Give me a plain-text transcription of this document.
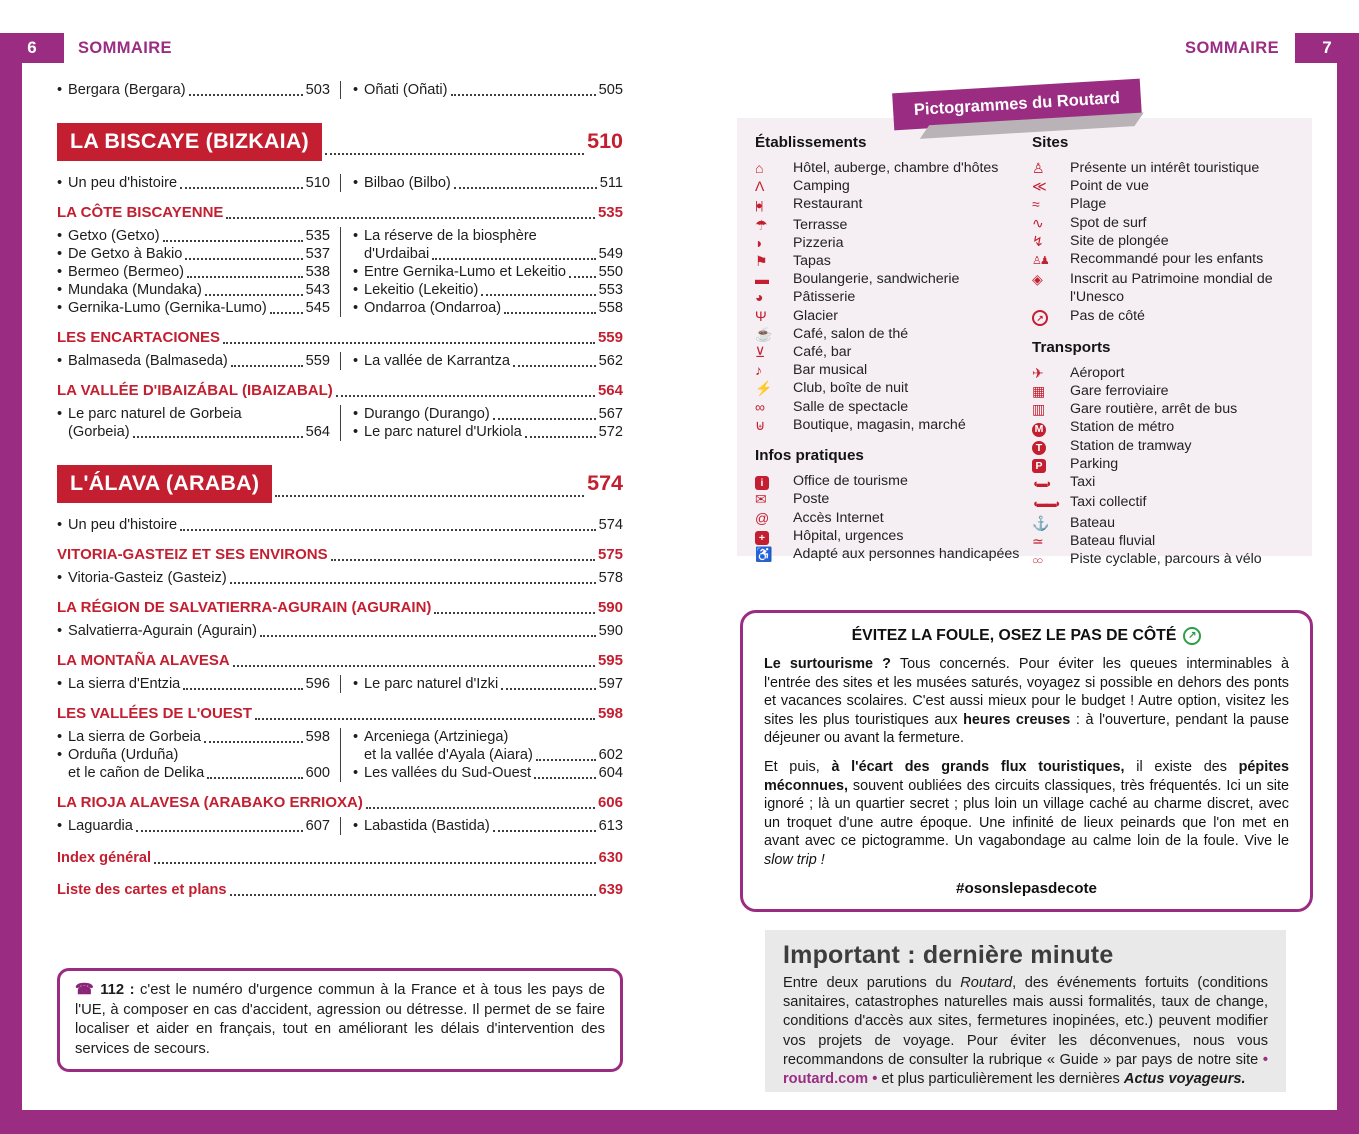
6	SOMMAIRE	SOMMAIRE	7
• Bergara (Bergara)	503 • Oñati (Oñati)	505
LA BISCAYE (BIZKAIA)	510
• Un peu d'histoire	510 • Bilbao (Bilbo)	511
LA CÔTE BISCAYENNE	535
• Getxo (Getxo)	535
• De Getxo à Bakio	537
• Bermeo (Bermeo)	538
• Mundaka (Mundaka)	543
• Gernika-Lumo (Gernika-Lumo)	545
• La réserve de la biosphère
d'Urdaibai	549
• Entre Gernika-Lumo et Lekeitio 550
• Lekeitio (Lekeitio)	553
• Ondarroa (Ondarroa)	558
LES ENCARTACIONES	559
• Balmaseda (Balmaseda)	559 • La vallée de Karrantza	562
LA VALLÉE D'IBAIZÁBAL (IBAIZABAL)	564
• Le parc naturel de Gorbeia
(Gorbeia)	564
• Durango (Durango)	567
• Le parc naturel d'Urkiola	572
L'ÁLAVA (ARABA)	574
• Un peu d'histoire	574
VITORIA-GASTEIZ ET SES ENVIRONS	575
• Vitoria-Gasteiz (Gasteiz)	578
LA RÉGION DE SALVATIERRA-AGURAIN (AGURAIN)	590
• Salvatierra-Agurain (Agurain)	590
LA MONTAÑA ALAVESA	595
• La sierra d'Entzia	596 • Le parc naturel d'Izki	597
LES VALLÉES DE L'OUEST	598
• La sierra de Gorbeia	598
• Orduña (Urduña)
et le cañon de Delika	600
• Arceniega (Artziniega)
et la vallée d'Ayala (Aiara)	602
• Les vallées du Sud-Ouest	604
LA RIOJA ALAVESA (ARABAKO ERRIOXA)	606
• Laguardia	607 • Labastida (Bastida)	613
Index général	630
Liste des cartes et plans	639
☎ 112 : c'est le numéro d'urgence commun à la France et à tous les pays de l'UE, à composer en cas d'accident, agression ou détresse. Il permet de se faire localiser et aider en français, tout en améliorant les délais d'intervention des services de secours.
Pictogrammes du Routard
Établissements
⌂	Hôtel, auberge, chambre d'hôtes
Λ	Camping
|●|	Restaurant
☂	Terrasse
◗	Pizzeria
⚑	Tapas
▬	Boulangerie, sandwicherie
◕	Pâtisserie
Ψ	Glacier
☕	Café, salon de thé
⊻	Café, bar
♪	Bar musical
⚡	Club, boîte de nuit
∞	Salle de spectacle
⊎	Boutique, magasin, marché
Infos pratiques
i	Office de tourisme
✉	Poste
@	Accès Internet
+	Hôpital, urgences
♿	Adapté aux personnes handicapées
Sites
♙	Présente un intérêt touristique
≪	Point de vue
≈	Plage
∿	Spot de surf
↯	Site de plongée
♙♟	Recommandé pour les enfants
◈	Inscrit au Patrimoine mondial de l'Unesco
↗	Pas de côté
Transports
✈	Aéroport
▦	Gare ferroviaire
▥	Gare routière, arrêt de bus
M	Station de métro
T	Station de tramway
P	Parking
◖▬◗	Taxi
◖▬▬◗ Taxi collectif
⚓	Bateau
≃	Bateau fluvial
○○	Piste cyclable, parcours à vélo
ÉVITEZ LA FOULE, OSEZ LE PAS DE CÔTÉ	↗
Le surtourisme ? Tous concernés. Pour éviter les queues interminables à l'entrée des sites et les musées saturés, voyagez si possible en dehors des ponts et vacances scolaires. C'est aussi mieux pour le budget ! Autre option, visitez les sites les plus touristiques aux heures creuses : à l'ouverture, pendant la pause déjeuner ou avant la fermeture.
Et puis, à l'écart des grands flux touristiques, il existe des pépites méconnues, souvent oubliées des circuits classiques, très fréquentés. Ici un site ignoré ; là un quartier secret ; plus loin un village caché au charme discret, avec un troquet d'une autre époque. Une infinité de lieux peinards que l'on met en avant avec ce pictogramme. Un vagabondage au calme loin de la foule. Vive le slow trip !
#osonslepasdecote
Important : dernière minute
Entre deux parutions du Routard, des événements fortuits (conditions sanitaires, catastrophes naturelles mais aussi formalités, taux de change, conditions d'accès aux sites, fermetures inopinées, etc.) peuvent modifier vos projets de voyage. Pour éviter les déconvenues, nous vous recommandons de consulter la rubrique « Guide » par pays de notre site • routard.com • et plus particulièrement les dernières Actus voyageurs.
